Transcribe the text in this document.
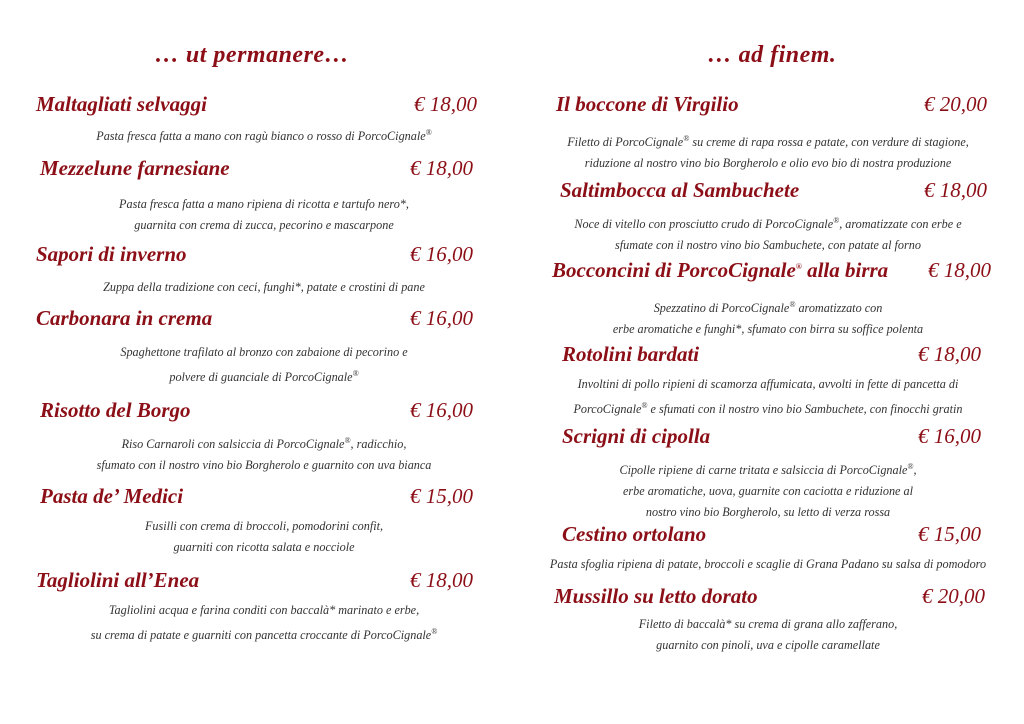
… ut permanere…
Maltagliati selvaggi	€ 18,00
Pasta fresca fatta a mano con ragù bianco o rosso di PorcoCignale®
Mezzelune farnesiane	€ 18,00
Pasta fresca fatta a mano ripiena di ricotta e tartufo nero*,
guarnita con crema di zucca, pecorino e mascarpone
Sapori di inverno	€ 16,00
Zuppa della tradizione con ceci, funghi*, patate e crostini di pane
Carbonara in crema	€ 16,00
Spaghettone trafilato al bronzo con zabaione di pecorino e
polvere di guanciale di PorcoCignale®
Risotto del Borgo	€ 16,00
Riso Carnaroli con salsiccia di PorcoCignale®, radicchio,
sfumato con il nostro vino bio Borgherolo e guarnito con uva bianca
Pasta de’ Medici	€ 15,00
Fusilli con crema di broccoli, pomodorini confit,
guarniti con ricotta salata e nocciole
Tagliolini all’Enea	€ 18,00
Tagliolini acqua e farina conditi con baccalà* marinato e erbe,
su crema di patate e guarniti con pancetta croccante di PorcoCignale®
… ad finem.
Il boccone di Virgilio	€ 20,00
Filetto di PorcoCignale® su creme di rapa rossa e patate, con verdure di stagione,
riduzione al nostro vino bio Borgherolo e olio evo bio di nostra produzione
Saltimbocca al Sambuchete	€ 18,00
Noce di vitello con prosciutto crudo di PorcoCignale®, aromatizzate con erbe e
sfumate con il nostro vino bio Sambuchete, con patate al forno
Bocconcini di PorcoCignale® alla birra € 18,00
Spezzatino di PorcoCignale® aromatizzato con
erbe aromatiche e funghi*, sfumato con birra su soffice polenta
Rotolini bardati	€ 18,00
Involtini di pollo ripieni di scamorza affumicata, avvolti in fette di pancetta di
PorcoCignale® e sfumati con il nostro vino bio Sambuchete, con finocchi gratin
Scrigni di cipolla	€ 16,00
Cipolle ripiene di carne tritata e salsiccia di PorcoCignale®,
erbe aromatiche, uova, guarnite con caciotta e riduzione al
nostro vino bio Borgherolo, su letto di verza rossa
Cestino ortolano	€ 15,00
Pasta sfoglia ripiena di patate, broccoli e scaglie di Grana Padano su salsa di pomodoro
Mussillo su letto dorato	€ 20,00
Filetto di baccalà* su crema di grana allo zafferano,
guarnito con pinoli, uva e cipolle caramellate
